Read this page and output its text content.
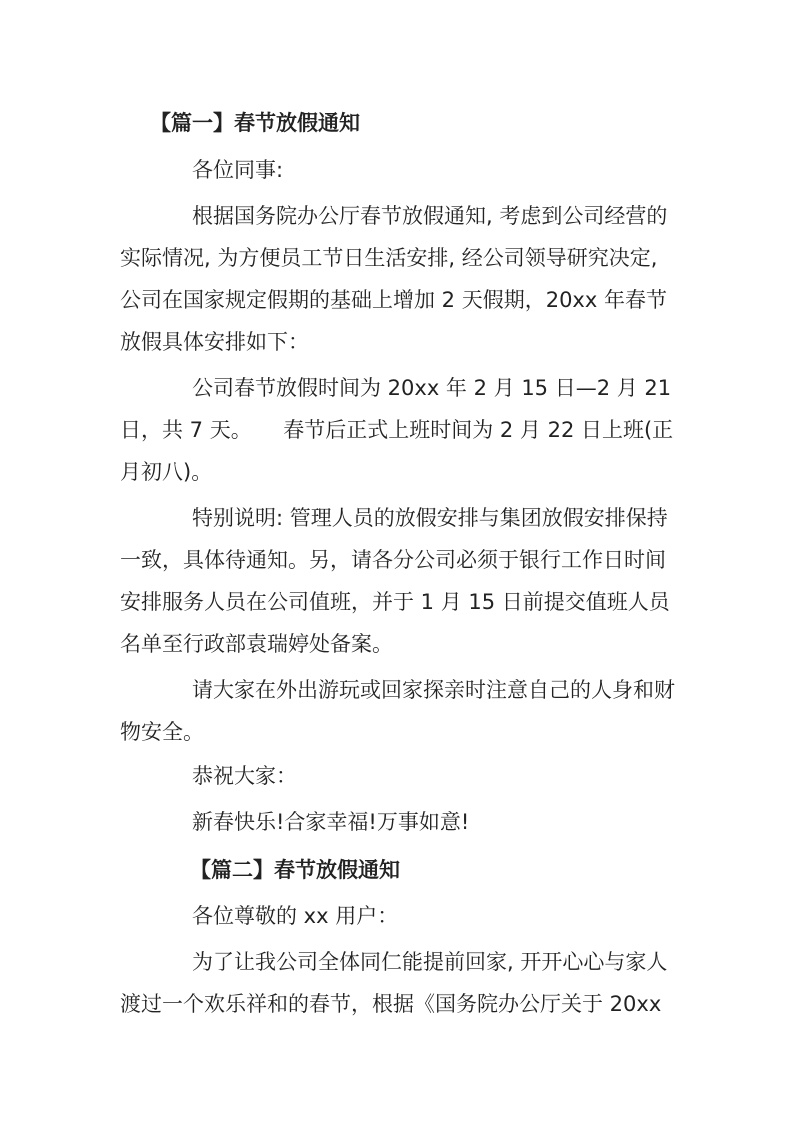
【篇一】春节放假通知

各位同事:

根据国务院办公厅春节放假通知, 考虑到公司经营的实际情况, 为方便员工节日生活安排, 经公司领导研究决定, 公司在国家规定假期的基础上增加 2 天假期，20xx 年春节放假具体安排如下：

公司春节放假时间为 20xx 年 2 月 15 日—2 月 21 日，共 7 天。　　春节后正式上班时间为 2 月 22 日上班(正月初八)。

特别说明: 管理人员的放假安排与集团放假安排保持一致，具体待通知。另，请各分公司必须于银行工作日时间安排服务人员在公司值班，并于 1 月 15 日前提交值班人员名单至行政部袁瑞婷处备案。

请大家在外出游玩或回家探亲时注意自己的人身和财物安全。

恭祝大家：

新春快乐!合家幸福!万事如意!

【篇二】春节放假通知

各位尊敬的 xx 用户：

为了让我公司全体同仁能提前回家, 开开心心与家人渡过一个欢乐祥和的春节，根据《国务院办公厅关于 20xx
